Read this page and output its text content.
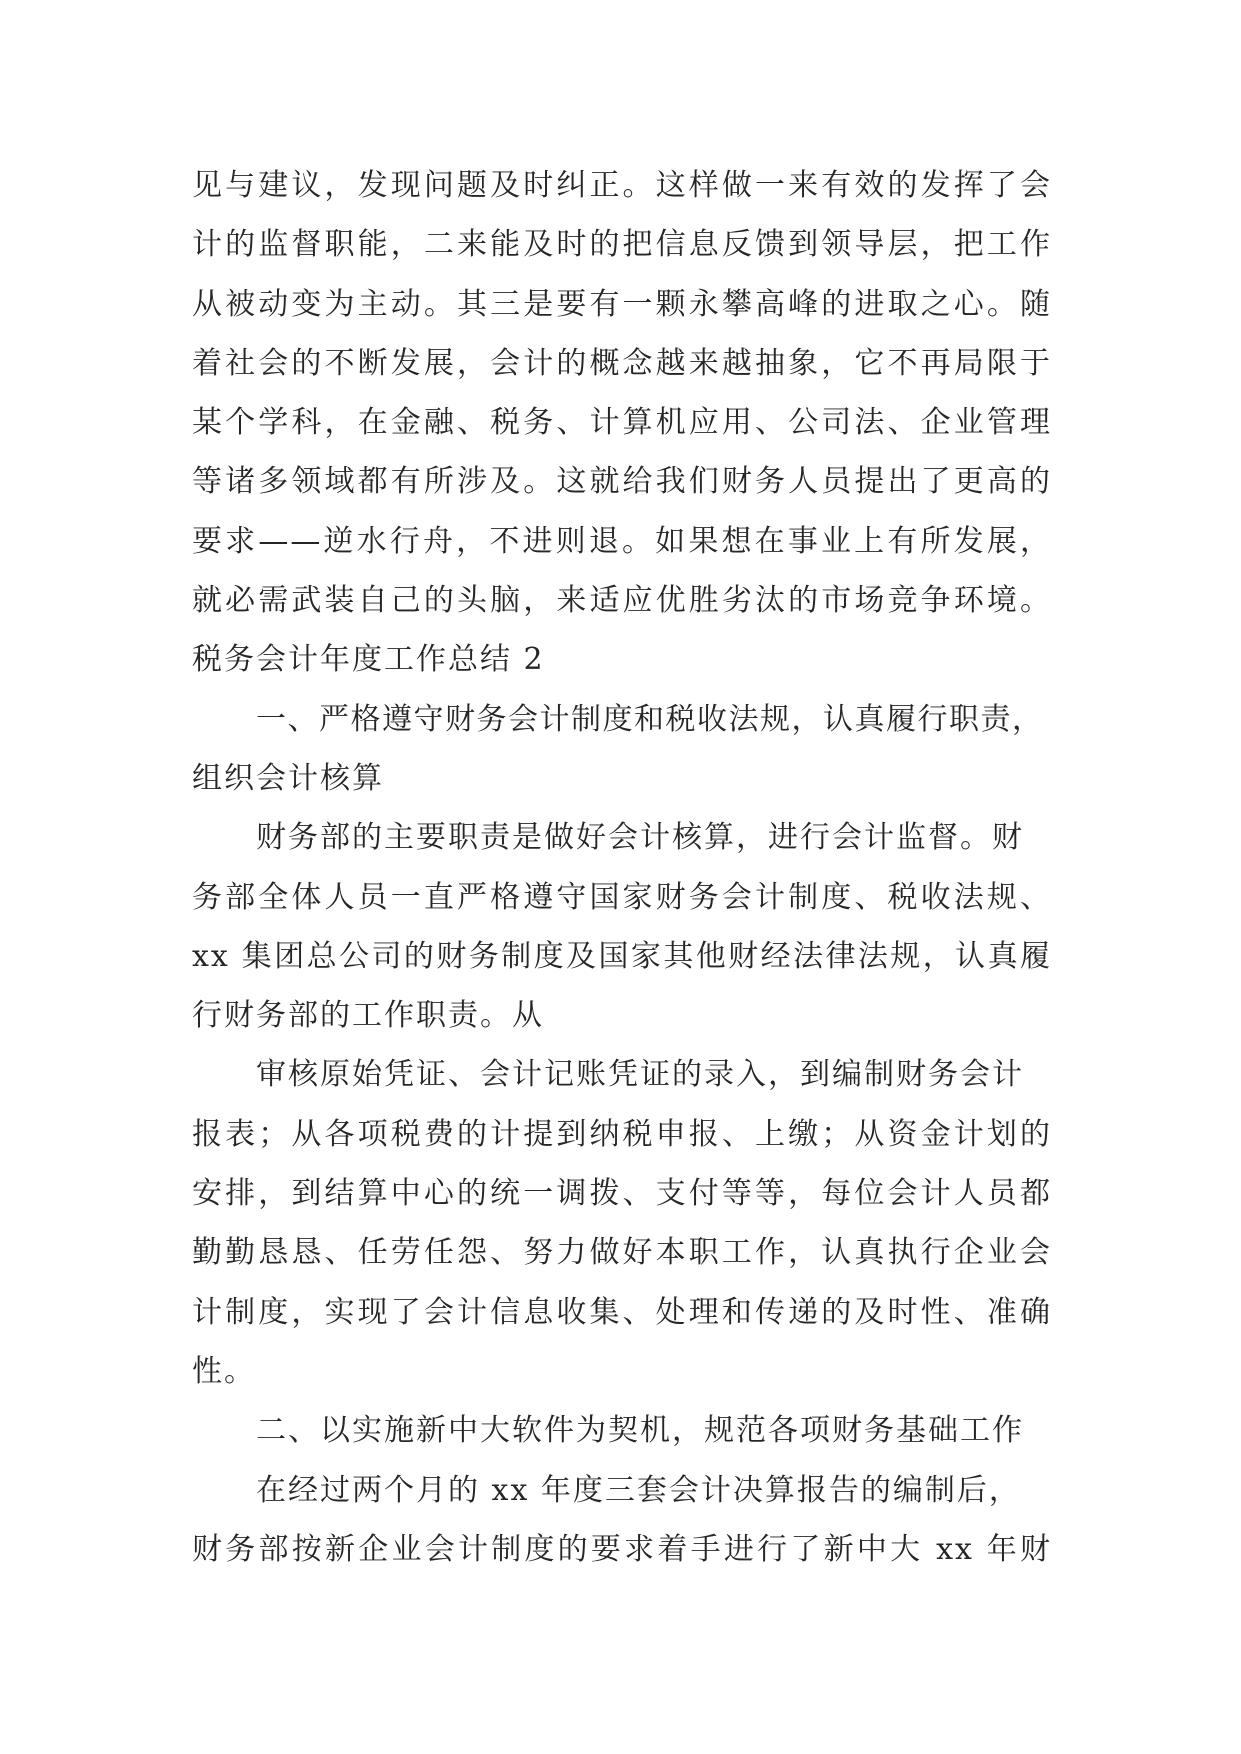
见与建议，发现问题及时纠正。这样做一来有效的发挥了会
计的监督职能，二来能及时的把信息反馈到领导层，把工作
从被动变为主动。其三是要有一颗永攀高峰的进取之心。随
着社会的不断发展，会计的概念越来越抽象，它不再局限于
某个学科，在金融、税务、计算机应用、公司法、企业管理
等诸多领域都有所涉及。这就给我们财务人员提出了更高的
要求——逆水行舟，不进则退。如果想在事业上有所发展，
就必需武装自己的头脑，来适应优胜劣汰的市场竞争环境。
税务会计年度工作总结 2
一、严格遵守财务会计制度和税收法规，认真履行职责，
组织会计核算
财务部的主要职责是做好会计核算，进行会计监督。财
务部全体人员一直严格遵守国家财务会计制度、税收法规、
xx 集团总公司的财务制度及国家其他财经法律法规，认真履
行财务部的工作职责。从
审核原始凭证、会计记账凭证的录入，到编制财务会计
报表；从各项税费的计提到纳税申报、上缴；从资金计划的
安排，到结算中心的统一调拨、支付等等，每位会计人员都
勤勤恳恳、任劳任怨、努力做好本职工作，认真执行企业会
计制度，实现了会计信息收集、处理和传递的及时性、准确
性。
二、以实施新中大软件为契机，规范各项财务基础工作
在经过两个月的 xx 年度三套会计决算报告的编制后，
财务部按新企业会计制度的要求着手进行了新中大 xx 年财
